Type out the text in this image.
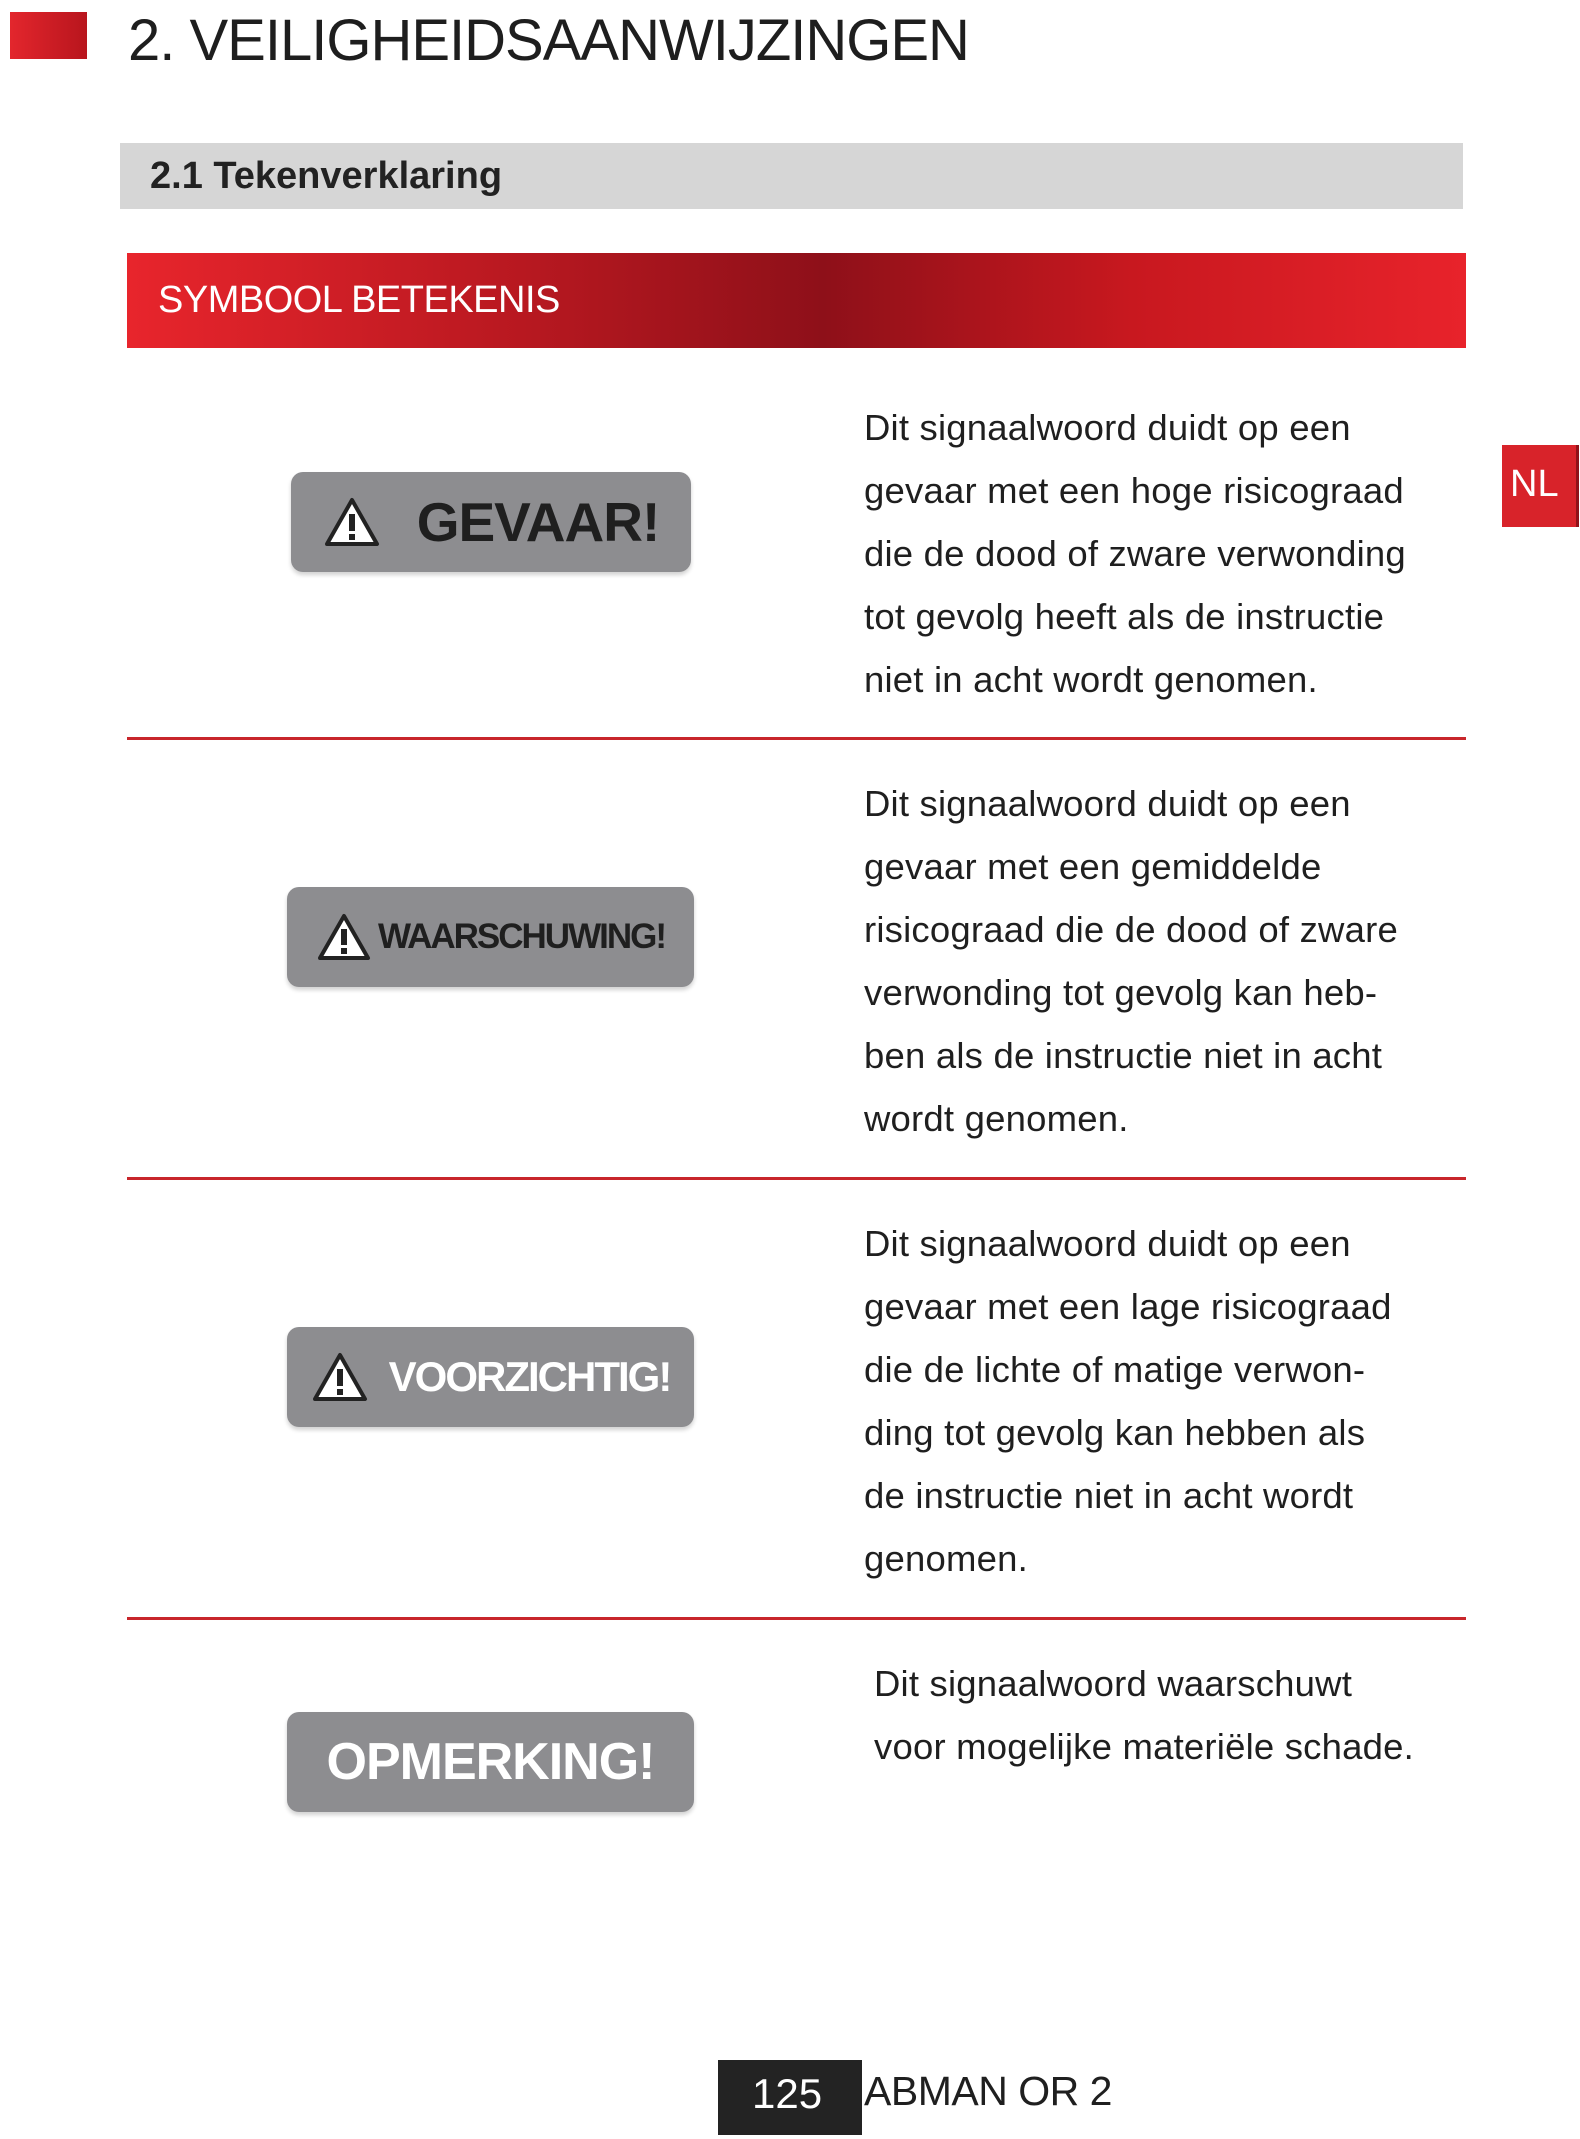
2. VEILIGHEIDSAANWIJZINGEN
2.1 Tekenverklaring
SYMBOOL BETEKENIS
NL
GEVAAR!
Dit signaalwoord duidt op een
gevaar met een hoge risicograad
die de dood of zware verwonding
tot gevolg heeft als de instructie
niet in acht wordt genomen.
WAARSCHUWING!
Dit signaalwoord duidt op een
gevaar met een gemiddelde
risicograad die de dood of zware
verwonding tot gevolg kan heb-
ben als de instructie niet in acht
wordt genomen.
VOORZICHTIG!
Dit signaalwoord duidt op een
gevaar met een lage risicograad
die de lichte of matige verwon-
ding tot gevolg kan hebben als
de instructie niet in acht wordt
genomen.
OPMERKING!
Dit signaalwoord waarschuwt
voor mogelijke materiële schade.
125 ABMAN OR 2
